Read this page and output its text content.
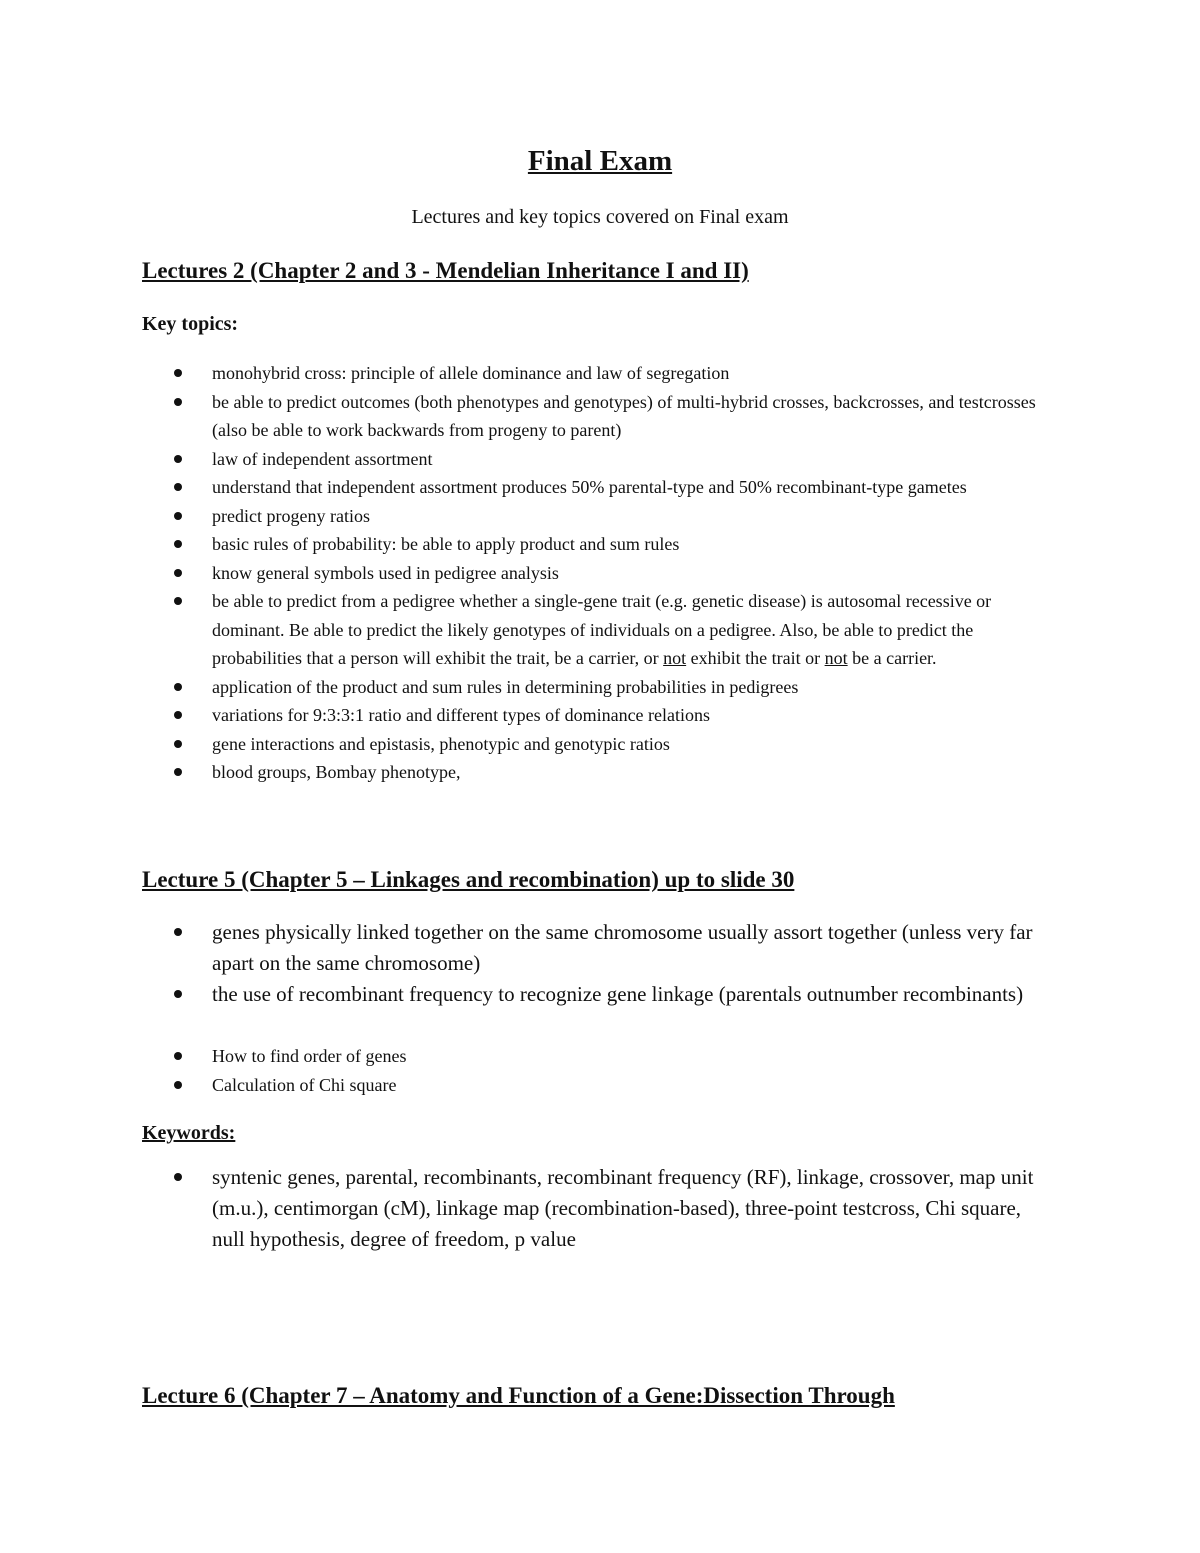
Final Exam
Lectures and key topics covered on Final exam
Lectures 2 (Chapter 2 and 3 - Mendelian Inheritance I and II)
Key topics:
monohybrid cross: principle of allele dominance and law of segregation
be able to predict outcomes (both phenotypes and genotypes) of multi-hybrid crosses, backcrosses, and testcrosses (also be able to work backwards from progeny to parent)
law of independent assortment
understand that independent assortment produces 50% parental-type and 50% recombinant-type gametes
predict progeny ratios
basic rules of probability: be able to apply product and sum rules
know general symbols used in pedigree analysis
be able to predict from a pedigree whether a single-gene trait (e.g. genetic disease) is autosomal recessive or dominant. Be able to predict the likely genotypes of individuals on a pedigree. Also, be able to predict the probabilities that a person will exhibit the trait, be a carrier, or not exhibit the trait or not be a carrier.
application of the product and sum rules in determining probabilities in pedigrees
variations for 9:3:3:1 ratio and different types of dominance relations
gene interactions and epistasis, phenotypic and genotypic ratios
blood groups, Bombay phenotype,
Lecture 5 (Chapter 5 – Linkages and recombination) up to slide 30
genes physically linked together on the same chromosome usually assort together (unless very far apart on the same chromosome)
the use of recombinant frequency to recognize gene linkage (parentals outnumber recombinants)
How to find order of genes
Calculation of Chi square
Keywords:
syntenic genes, parental, recombinants, recombinant frequency (RF), linkage, crossover, map unit (m.u.), centimorgan (cM), linkage map (recombination-based), three-point testcross, Chi square, null hypothesis, degree of freedom, p value
Lecture 6 (Chapter 7 – Anatomy and Function of a Gene:Dissection Through
